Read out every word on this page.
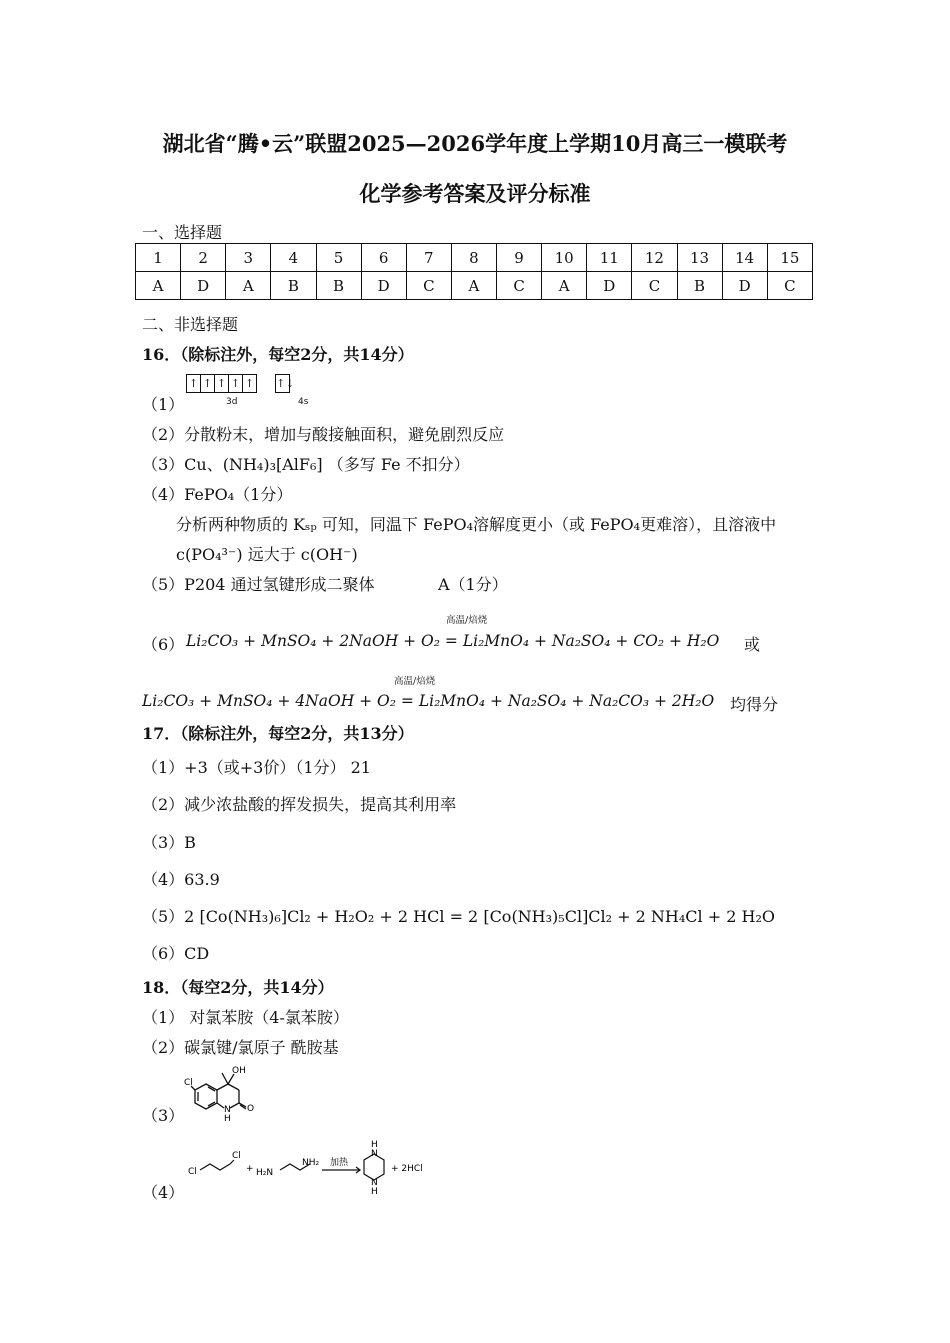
湖北省“腾•云”联盟2025—2026学年度上学期10月高三一模联考
化学参考答案及评分标准
一、选择题
1	2	3	4	5	6	7	8	9	10	11	12	13	14	15
A	D	A	B	B	D	C	A	C	A	D	C	B	D	C
二、非选择题
16．（除标注外，每空2分，共14分）
↑ ↑ ↑ ↑ ↑ ↑↓
3d	4s
（1）
（2）分散粉末，增加与酸接触面积，避免剧烈反应
（3）Cu、(NH₄)₃[AlF₆] （多写 Fe 不扣分）
（4）FePO₄（1分）
分析两种物质的 Kₛₚ 可知，同温下 FePO₄溶解度更小（或 FePO₄更难溶），且溶液中
c(PO₄³⁻) 远大于 c(OH⁻)
（5）P204 通过氢键形成二聚体	A（1分）
高温/焙烧
（6） Li₂CO₃ + MnSO₄ + 2NaOH + O₂ = Li₂MnO₄ + Na₂SO₄ + CO₂ + H₂O 或
高温/焙烧
Li₂CO₃ + MnSO₄ + 4NaOH + O₂ = Li₂MnO₄ + Na₂SO₄ + Na₂CO₃ + 2H₂O 均得分
17．（除标注外，每空2分，共13分）
（1）+3（或+3价）（1分） 21
（2）减少浓盐酸的挥发损失，提高其利用率
（3）B
（4）63.9
（5）2 [Co(NH₃)₆]Cl₂ + H₂O₂ + 2 HCl = 2 [Co(NH₃)₅Cl]Cl₂ + 2 NH₄Cl + 2 H₂O
（6）CD
18．（每空2分，共14分）
（1） 对氯苯胺（4-氯苯胺）
（2）碳氯键/氯原子 酰胺基
（3）
Cl
OH
N
H
O
（4）
Cl
Cl
+ H₂N
NH₂ 加热
H
N
N
H
+ 2HCl
